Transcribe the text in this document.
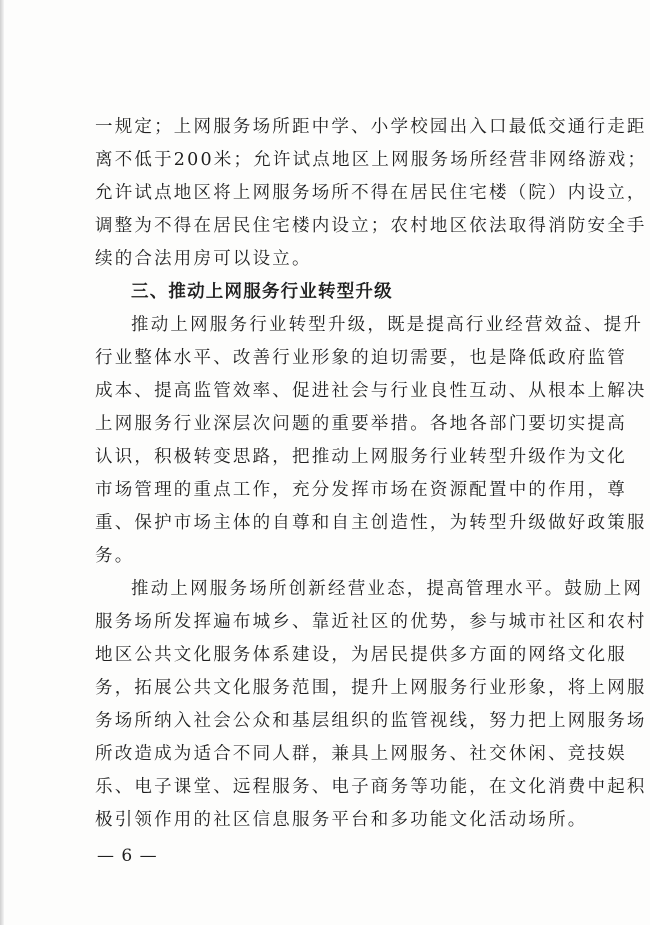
一规定；上网服务场所距中学、小学校园出入口最低交通行走距
离不低于200米；允许试点地区上网服务场所经营非网络游戏；
允许试点地区将上网服务场所不得在居民住宅楼（院）内设立，
调整为不得在居民住宅楼内设立；农村地区依法取得消防安全手
续的合法用房可以设立。
三、推动上网服务行业转型升级
推动上网服务行业转型升级，既是提高行业经营效益、提升
行业整体水平、改善行业形象的迫切需要，也是降低政府监管
成本、提高监管效率、促进社会与行业良性互动、从根本上解决
上网服务行业深层次问题的重要举措。各地各部门要切实提高
认识，积极转变思路，把推动上网服务行业转型升级作为文化
市场管理的重点工作，充分发挥市场在资源配置中的作用，尊
重、保护市场主体的自尊和自主创造性，为转型升级做好政策服
务。
推动上网服务场所创新经营业态，提高管理水平。鼓励上网
服务场所发挥遍布城乡、靠近社区的优势，参与城市社区和农村
地区公共文化服务体系建设，为居民提供多方面的网络文化服
务，拓展公共文化服务范围，提升上网服务行业形象，将上网服
务场所纳入社会公众和基层组织的监管视线，努力把上网服务场
所改造成为适合不同人群，兼具上网服务、社交休闲、竞技娱
乐、电子课堂、远程服务、电子商务等功能，在文化消费中起积
极引领作用的社区信息服务平台和多功能文化活动场所。
— 6 —
